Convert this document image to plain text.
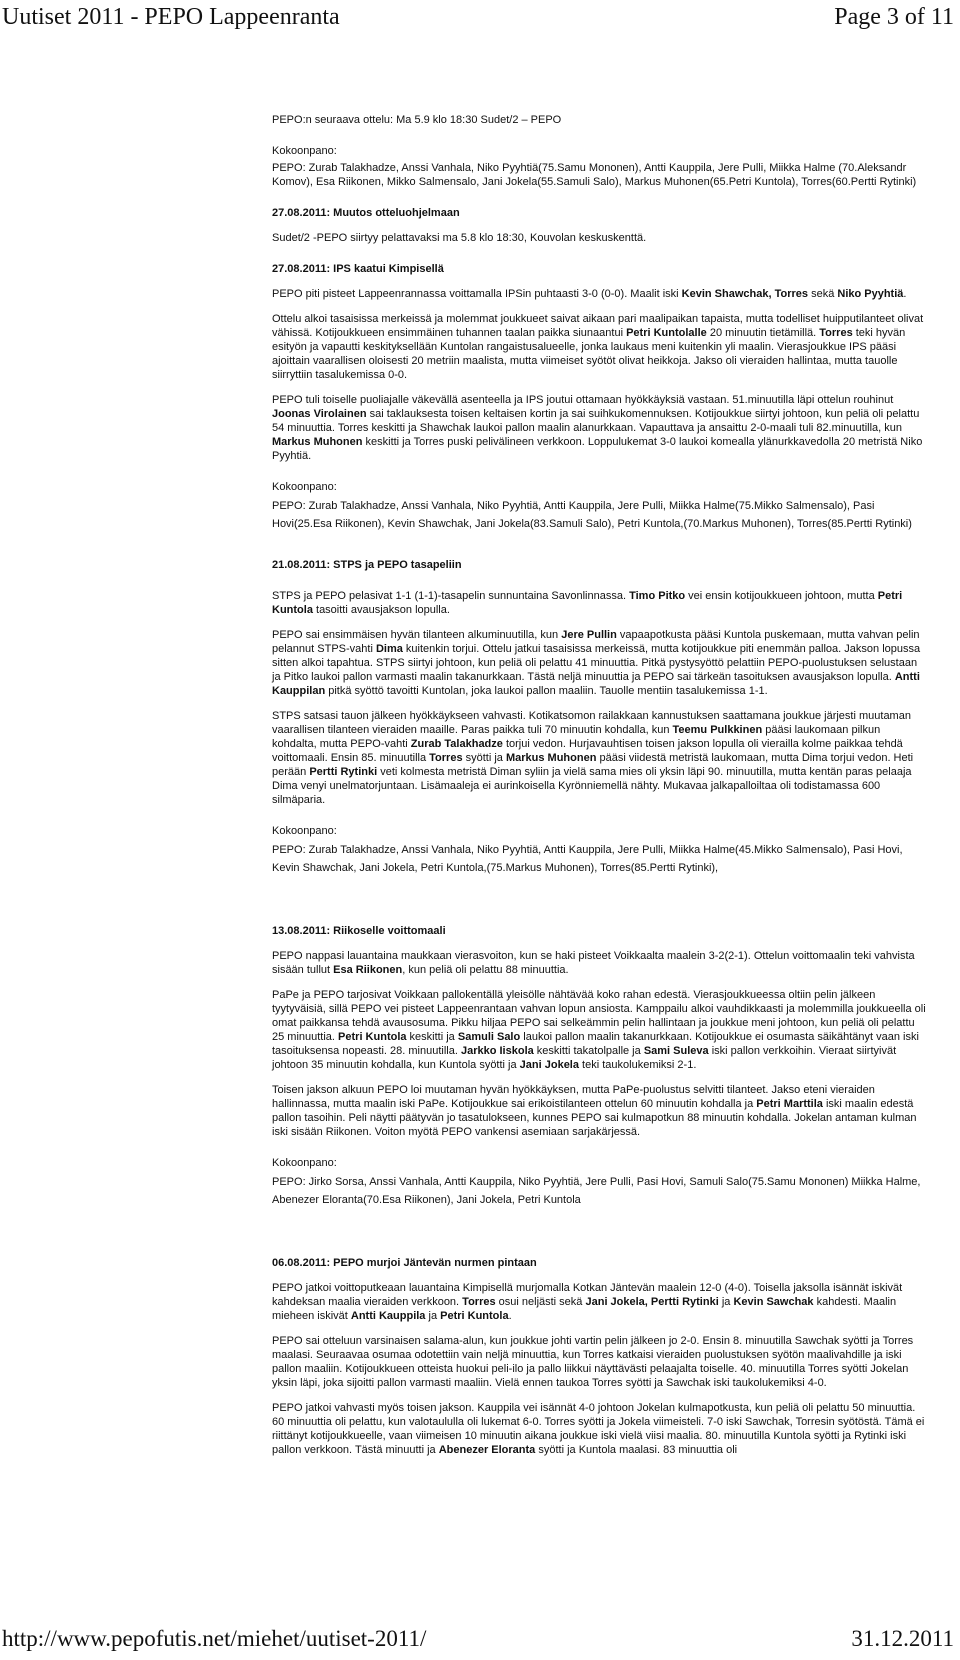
Uutiset 2011 - PEPO Lappeenranta	Page 3 of 11

PEPO:n seuraava ottelu: Ma 5.9 klo 18:30 Sudet/2 – PEPO

Kokoonpano:

PEPO: Zurab Talakhadze, Anssi Vanhala, Niko Pyyhtiä(75.Samu Mononen), Antti Kauppila, Jere Pulli, Miikka Halme (70.Aleksandr Komov), Esa Riikonen, Mikko Salmensalo, Jani Jokela(55.Samuli Salo), Markus Muhonen(65.Petri Kuntola), Torres(60.Pertti Rytinki)

27.08.2011: Muutos otteluohjelmaan

Sudet/2 -PEPO siirtyy pelattavaksi ma 5.8 klo 18:30, Kouvolan keskuskenttä.

27.08.2011: IPS kaatui Kimpisellä

PEPO piti pisteet Lappeenrannassa voittamalla IPSin puhtaasti 3-0 (0-0). Maalit iski Kevin Shawchak, Torres sekä Niko Pyyhtiä.

Ottelu alkoi tasaisissa merkeissä ja molemmat joukkueet saivat aikaan pari maalipaikan tapaista, mutta todelliset huipputilanteet olivat vähissä. Kotijoukkueen ensimmäinen tuhannen taalan paikka siunaantui Petri Kuntolalle 20 minuutin tietämillä. Torres teki hyvän esityön ja vapautti keskityksellään Kuntolan rangaistusalueelle, jonka laukaus meni kuitenkin yli maalin. Vierasjoukkue IPS pääsi ajoittain vaarallisen oloisesti 20 metriin maalista, mutta viimeiset syötöt olivat heikkoja. Jakso oli vieraiden hallintaa, mutta tauolle siirryttiin tasalukemissa 0-0.

PEPO tuli toiselle puoliajalle väkevällä asenteella ja IPS joutui ottamaan hyökkäyksiä vastaan. 51.minuutilla läpi ottelun rouhinut Joonas Virolainen sai taklauksesta toisen keltaisen kortin ja sai suihkukomennuksen. Kotijoukkue siirtyi johtoon, kun peliä oli pelattu 54 minuuttia. Torres keskitti ja Shawchak laukoi pallon maalin alanurkkaan. Vapauttava ja ansaittu 2-0-maali tuli 82.minuutilla, kun Markus Muhonen keskitti ja Torres puski pelivälineen verkkoon. Loppulukemat 3-0 laukoi komealla ylänurkkavedolla 20 metristä Niko Pyyhtiä.

Kokoonpano:

PEPO: Zurab Talakhadze, Anssi Vanhala, Niko Pyyhtiä, Antti Kauppila, Jere Pulli, Miikka Halme(75.Mikko Salmensalo), Pasi Hovi(25.Esa Riikonen), Kevin Shawchak, Jani Jokela(83.Samuli Salo), Petri Kuntola,(70.Markus Muhonen), Torres(85.Pertti Rytinki)

21.08.2011: STPS ja PEPO tasapeliin

STPS ja PEPO pelasivat 1-1 (1-1)-tasapelin sunnuntaina Savonlinnassa. Timo Pitko vei ensin kotijoukkueen johtoon, mutta Petri Kuntola tasoitti avausjakson lopulla.

PEPO sai ensimmäisen hyvän tilanteen alkuminuutilla, kun Jere Pullin vapaapotkusta pääsi Kuntola puskemaan, mutta vahvan pelin pelannut STPS-vahti Dima kuitenkin torjui. Ottelu jatkui tasaisissa merkeissä, mutta kotijoukkue piti enemmän palloa. Jakson lopussa sitten alkoi tapahtua. STPS siirtyi johtoon, kun peliä oli pelattu 41 minuuttia. Pitkä pystysyöttö pelattiin PEPO-puolustuksen selustaan ja Pitko laukoi pallon varmasti maalin takanurkkaan. Tästä neljä minuuttia ja PEPO sai tärkeän tasoituksen avausjakson lopulla. Antti Kauppilan pitkä syöttö tavoitti Kuntolan, joka laukoi pallon maaliin. Tauolle mentiin tasalukemissa 1-1.

STPS satsasi tauon jälkeen hyökkäykseen vahvasti. Kotikatsomon railakkaan kannustuksen saattamana joukkue järjesti muutaman vaarallisen tilanteen vieraiden maaille. Paras paikka tuli 70 minuutin kohdalla, kun Teemu Pulkkinen pääsi laukomaan pilkun kohdalta, mutta PEPO-vahti Zurab Talakhadze torjui vedon. Hurjavauhtisen toisen jakson lopulla oli vierailla kolme paikkaa tehdä voittomaali. Ensin 85. minuutilla Torres syötti ja Markus Muhonen pääsi viidestä metristä laukomaan, mutta Dima torjui vedon. Heti perään Pertti Rytinki veti kolmesta metristä Diman syliin ja vielä sama mies oli yksin läpi 90. minuutilla, mutta kentän paras pelaaja Dima venyi unelmatorjuntaan. Lisämaaleja ei aurinkoisella Kyrönniemellä nähty. Mukavaa jalkapalloiltaa oli todistamassa 600 silmäparia.

Kokoonpano:

PEPO: Zurab Talakhadze, Anssi Vanhala, Niko Pyyhtiä, Antti Kauppila, Jere Pulli, Miikka Halme(45.Mikko Salmensalo), Pasi Hovi, Kevin Shawchak, Jani Jokela, Petri Kuntola,(75.Markus Muhonen), Torres(85.Pertti Rytinki),

13.08.2011: Riikoselle voittomaali

PEPO nappasi lauantaina maukkaan vierasvoiton, kun se haki pisteet Voikkaalta maalein 3-2(2-1). Ottelun voittomaalin teki vahvista sisään tullut Esa Riikonen, kun peliä oli pelattu 88 minuuttia.

PaPe ja PEPO tarjosivat Voikkaan pallokentällä yleisölle nähtävää koko rahan edestä. Vierasjoukkueessa oltiin pelin jälkeen tyytyväisiä, sillä PEPO vei pisteet Lappeenrantaan vahvan lopun ansiosta. Kamppailu alkoi vauhdikkaasti ja molemmilla joukkueella oli omat paikkansa tehdä avausosuma. Pikku hiljaa PEPO sai selkeämmin pelin hallintaan ja joukkue meni johtoon, kun peliä oli pelattu 25 minuuttia. Petri Kuntola keskitti ja Samuli Salo laukoi pallon maalin takanurkkaan. Kotijoukkue ei osumasta säikähtänyt vaan iski tasoituksensa nopeasti. 28. minuutilla. Jarkko Iiskola keskitti takatolpalle ja Sami Suleva iski pallon verkkoihin. Vieraat siirtyivät johtoon 35 minuutin kohdalla, kun Kuntola syötti ja Jani Jokela teki taukolukemiksi 2-1.

Toisen jakson alkuun PEPO loi muutaman hyvän hyökkäyksen, mutta PaPe-puolustus selvitti tilanteet. Jakso eteni vieraiden hallinnassa, mutta maalin iski PaPe. Kotijoukkue sai erikoistilanteen ottelun 60 minuutin kohdalla ja Petri Marttila iski maalin edestä pallon tasoihin. Peli näytti päätyvän jo tasatulokseen, kunnes PEPO sai kulmapotkun 88 minuutin kohdalla. Jokelan antaman kulman iski sisään Riikonen. Voiton myötä PEPO vankensi asemiaan sarjakärjessä.

Kokoonpano:

PEPO: Jirko Sorsa, Anssi Vanhala, Antti Kauppila, Niko Pyyhtiä, Jere Pulli, Pasi Hovi, Samuli Salo(75.Samu Mononen) Miikka Halme, Abenezer Eloranta(70.Esa Riikonen), Jani Jokela, Petri Kuntola

06.08.2011: PEPO murjoi Jäntevän nurmen pintaan

PEPO jatkoi voittoputkeaan lauantaina Kimpisellä murjomalla Kotkan Jäntevän maalein 12-0 (4-0). Toisella jaksolla isännät iskivät kahdeksan maalia vieraiden verkkoon. Torres osui neljästi sekä Jani Jokela, Pertti Rytinki ja Kevin Sawchak kahdesti. Maalin mieheen iskivät Antti Kauppila ja Petri Kuntola.

PEPO sai otteluun varsinaisen salama-alun, kun joukkue johti vartin pelin jälkeen jo 2-0. Ensin 8. minuutilla Sawchak syötti ja Torres maalasi. Seuraavaa osumaa odotettiin vain neljä minuuttia, kun Torres katkaisi vieraiden puolustuksen syötön maalivahdille ja iski pallon maaliin. Kotijoukkueen otteista huokui peli-ilo ja pallo liikkui näyttävästi pelaajalta toiselle. 40. minuutilla Torres syötti Jokelan yksin läpi, joka sijoitti pallon varmasti maaliin. Vielä ennen taukoa Torres syötti ja Sawchak iski taukolukemiksi 4-0.

PEPO jatkoi vahvasti myös toisen jakson. Kauppila vei isännät 4-0 johtoon Jokelan kulmapotkusta, kun peliä oli pelattu 50 minuuttia. 60 minuuttia oli pelattu, kun valotaululla oli lukemat 6-0. Torres syötti ja Jokela viimeisteli. 7-0 iski Sawchak, Torresin syötöstä. Tämä ei riittänyt kotijoukkueelle, vaan viimeisen 10 minuutin aikana joukkue iski vielä viisi maalia. 80. minuutilla Kuntola syötti ja Rytinki iski pallon verkkoon. Tästä minuutti ja Abenezer Eloranta syötti ja Kuntola maalasi. 83 minuuttia oli

http://www.pepofutis.net/miehet/uutiset-2011/	31.12.2011
